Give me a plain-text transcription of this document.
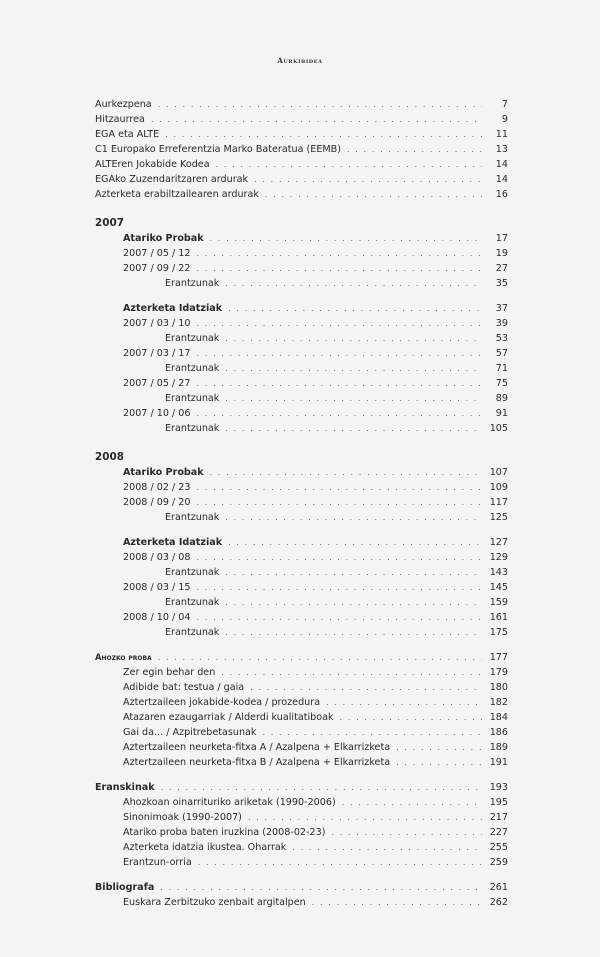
Aurkibidea
Aurkezpena . . .	7
Hitzaurrea . . .	9
EGA eta ALTE . . .	11
C1 Europako Erreferentzia Marko Bateratua (EEMB) . . .	13
ALTEren Jokabide Kodea . . .	14
EGAko Zuzendaritzaren ardurak . . .	14
Azterketa erabiltzailearen ardurak . . .	16
2007
Atariko Probak . . .	17
2007 / 05 / 12 . . .	19
2007 / 09 / 22 . . .	27
Erantzunak . . .	35
Azterketa Idatziak . . .	37
2007 / 03 / 10 . . .	39
Erantzunak . . .	53
2007 / 03 / 17 . . .	57
Erantzunak . . .	71
2007 / 05 / 27 . . .	75
Erantzunak . . .	89
2007 / 10 / 06 . . .	91
Erantzunak . . .	105
2008
Atariko Probak . . .	107
2008 / 02 / 23 . . .	109
2008 / 09 / 20 . . .	117
Erantzunak . . .	125
Azterketa Idatziak . . .	127
2008 / 03 / 08 . . .	129
Erantzunak . . .	143
2008 / 03 / 15 . . .	145
Erantzunak . . .	159
2008 / 10 / 04 . . .	161
Erantzunak . . .	175
Ahozko proba . . .	177
Zer egin behar den . . .	179
Adibide bat: testua / gaia . . .	180
Aztertzaileen jokabide-kodea / prozedura . . .	182
Atazaren ezaugarriak / Alderdi kualitatiboak . . .	184
Gai da... / Azpitrebetasunak . . .	186
Aztertzaileen neurketa-fitxa A / Azalpena + Elkarrizketa . . .	189
Aztertzaileen neurketa-fitxa B / Azalpena + Elkarrizketa . . .	191
Eranskinak . . .	193
Ahozkoan oinarrituriko ariketak (1990-2006) . . .	195
Sinonimoak (1990-2007) . . .	217
Atariko proba baten iruzkina (2008-02-23) . . .	227
Azterketa idatzia ikustea. Oharrak . . .	255
Erantzun-orria . . .	259
Bibliografa . . .	261
Euskara Zerbitzuko zenbait argitalpen . . .	262
